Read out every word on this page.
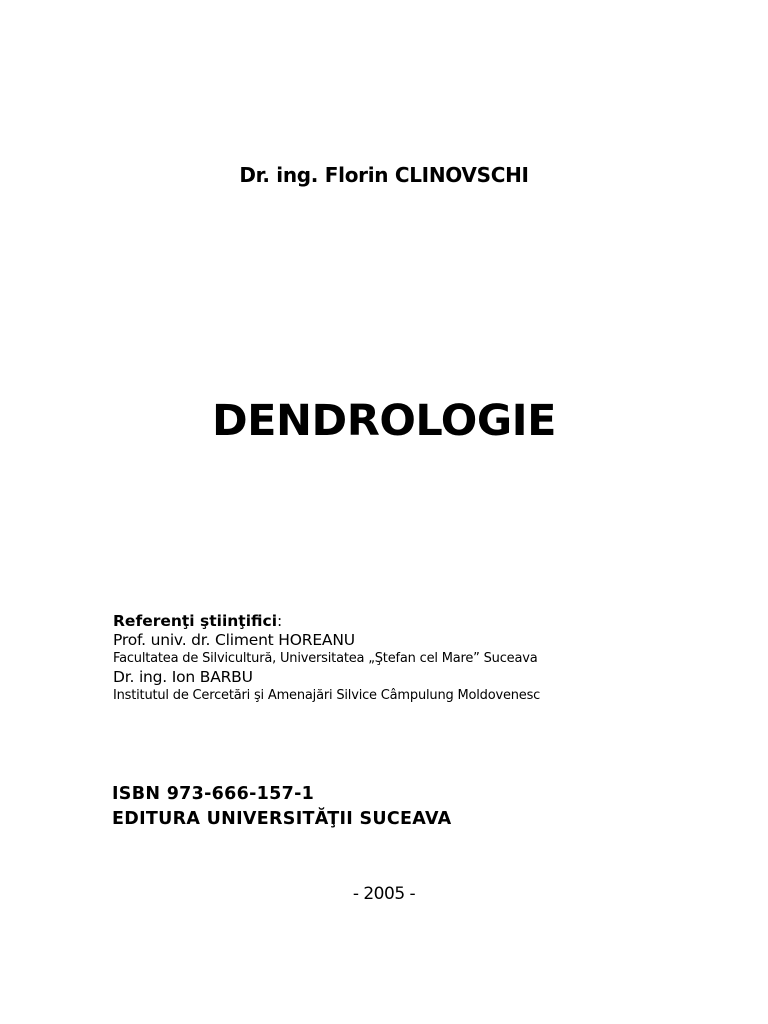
Dr. ing. Florin CLINOVSCHI
DENDROLOGIE
Referenţi ştiinţifici:
Prof. univ. dr. Climent HOREANU
Facultatea de Silvicultură, Universitatea „Ştefan cel Mare” Suceava
Dr. ing. Ion BARBU
Institutul de Cercetări şi Amenajări Silvice Câmpulung Moldovenesc
ISBN 973-666-157-1
EDITURA UNIVERSITĂŢII SUCEAVA
- 2005 -
